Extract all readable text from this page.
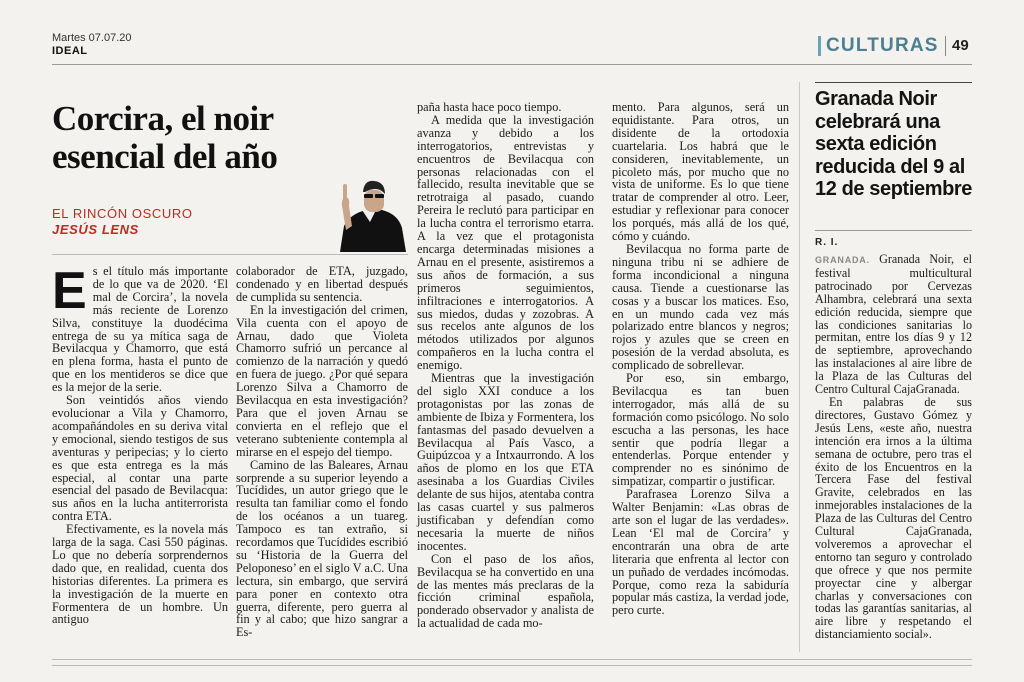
Martes 07.07.20
IDEAL	CULTURAS 49
Corcira, el noir esencial del año
EL RINCÓN OSCURO
JESÚS LENS
E s el título más importante de lo que va de 2020. ‘El mal de Corcira’, la novela más reciente de Lorenzo Silva, constituye la duodécima entrega de su ya mítica saga de Bevilacqua y Chamorro, que está en plena forma, hasta el punto de que en los mentideros se dice que es la mejor de la serie.

Son veintidós años viendo evolucionar a Vila y Chamorro, acompañándoles en su deriva vital y emocional, siendo testigos de sus aventuras y peripecias; y lo cierto es que esta entrega es la más especial, al contar una parte esencial del pasado de Bevilacqua: sus años en la lucha antiterrorista contra ETA.

Efectivamente, es la novela más larga de la saga. Casi 550 páginas. Lo que no debería sorprendernos dado que, en realidad, cuenta dos historias diferentes. La primera es la investigación de la muerte en Formentera de un hombre. Un antiguo

colaborador de ETA, juzgado, condenado y en libertad después de cumplida su sentencia.

En la investigación del crimen, Vila cuenta con el apoyo de Arnau, dado que Violeta Chamorro sufrió un percance al comienzo de la narración y quedó en fuera de juego. ¿Por qué separa Lorenzo Silva a Chamorro de Bevilacqua en esta investigación? Para que el joven Arnau se convierta en el reflejo que el veterano subteniente contempla al mirarse en el espejo del tiempo.

Camino de las Baleares, Arnau sorprende a su superior leyendo a Tucídides, un autor griego que le resulta tan familiar como el fondo de los océanos a un tuareg. Tampoco es tan extraño, si recordamos que Tucídides escribió su ‘Historia de la Guerra del Peloponeso’ en el siglo V a.C. Una lectura, sin embargo, que servirá para poner en contexto otra guerra, diferente, pero guerra al fin y al cabo; que hizo sangrar a Es-

paña hasta hace poco tiempo.

A medida que la investigación avanza y debido a los interrogatorios, entrevistas y encuentros de Bevilacqua con personas relacionadas con el fallecido, resulta inevitable que se retrotraiga al pasado, cuando Pereira le reclutó para participar en la lucha contra el terrorismo etarra. A la vez que el protagonista encarga determinadas misiones a Arnau en el presente, asistiremos a sus años de formación, a sus primeros seguimientos, infiltraciones e interrogatorios. A sus miedos, dudas y zozobras. A sus recelos ante algunos de los métodos utilizados por algunos compañeros en la lucha contra el enemigo.

Mientras que la investigación del siglo XXI conduce a los protagonistas por las zonas de ambiente de Ibiza y Formentera, los fantasmas del pasado devuelven a Bevilacqua al País Vasco, a Guipúzcoa y a Intxaurrondo. A los años de plomo en los que ETA asesinaba a los Guardias Civiles delante de sus hijos, atentaba contra las casas cuartel y sus palmeros justificaban y defendían como necesaria la muerte de niños inocentes.

Con el paso de los años, Bevilacqua se ha convertido en una de las mentes más preclaras de la ficción criminal española, ponderado observador y analista de la actualidad de cada mo-

mento. Para algunos, será un equidistante. Para otros, un disidente de la ortodoxia cuartelaria. Los habrá que le consideren, inevitablemente, un picoleto más, por mucho que no vista de uniforme. Es lo que tiene tratar de comprender al otro. Leer, estudiar y reflexionar para conocer los porqués, más allá de los qué, cómo y cuándo.

Bevilacqua no forma parte de ninguna tribu ni se adhiere de forma incondicional a ninguna causa. Tiende a cuestionarse las cosas y a buscar los matices. Eso, en un mundo cada vez más polarizado entre blancos y negros; rojos y azules que se creen en posesión de la verdad absoluta, es complicado de sobrellevar.

Por eso, sin embargo, Bevilacqua es tan buen interrogador, más allá de su formación como psicólogo. No solo escucha a las personas, les hace sentir que podría llegar a entenderlas. Porque entender y comprender no es sinónimo de simpatizar, compartir o justificar.

Parafrasea Lorenzo Silva a Walter Benjamin: «Las obras de arte son el lugar de las verdades». Lean ‘El mal de Corcira’ y encontrarán una obra de arte literaria que enfrenta al lector con un puñado de verdades incómodas. Porque, como reza la sabiduría popular más castiza, la verdad jode, pero curte.

Granada Noir celebrará una sexta edición reducida del 9 al 12 de septiembre
R. I.

GRANADA. Granada Noir, el festival multicultural patrocinado por Cervezas Alhambra, celebrará una sexta edición reducida, siempre que las condiciones sanitarias lo permitan, entre los días 9 y 12 de septiembre, aprovechando las instalaciones al aire libre de la Plaza de las Culturas del Centro Cultural CajaGranada.

En palabras de sus directores, Gustavo Gómez y Jesús Lens, «este año, nuestra intención era irnos a la última semana de octubre, pero tras el éxito de los Encuentros en la Tercera Fase del festival Gravite, celebrados en las inmejorables instalaciones de la Plaza de las Culturas del Centro Cultural CajaGranada, volveremos a aprovechar el entorno tan seguro y controlado que ofrece y que nos permite proyectar cine y albergar charlas y conversaciones con todas las garantías sanitarias, al aire libre y respetando el distanciamiento social».
